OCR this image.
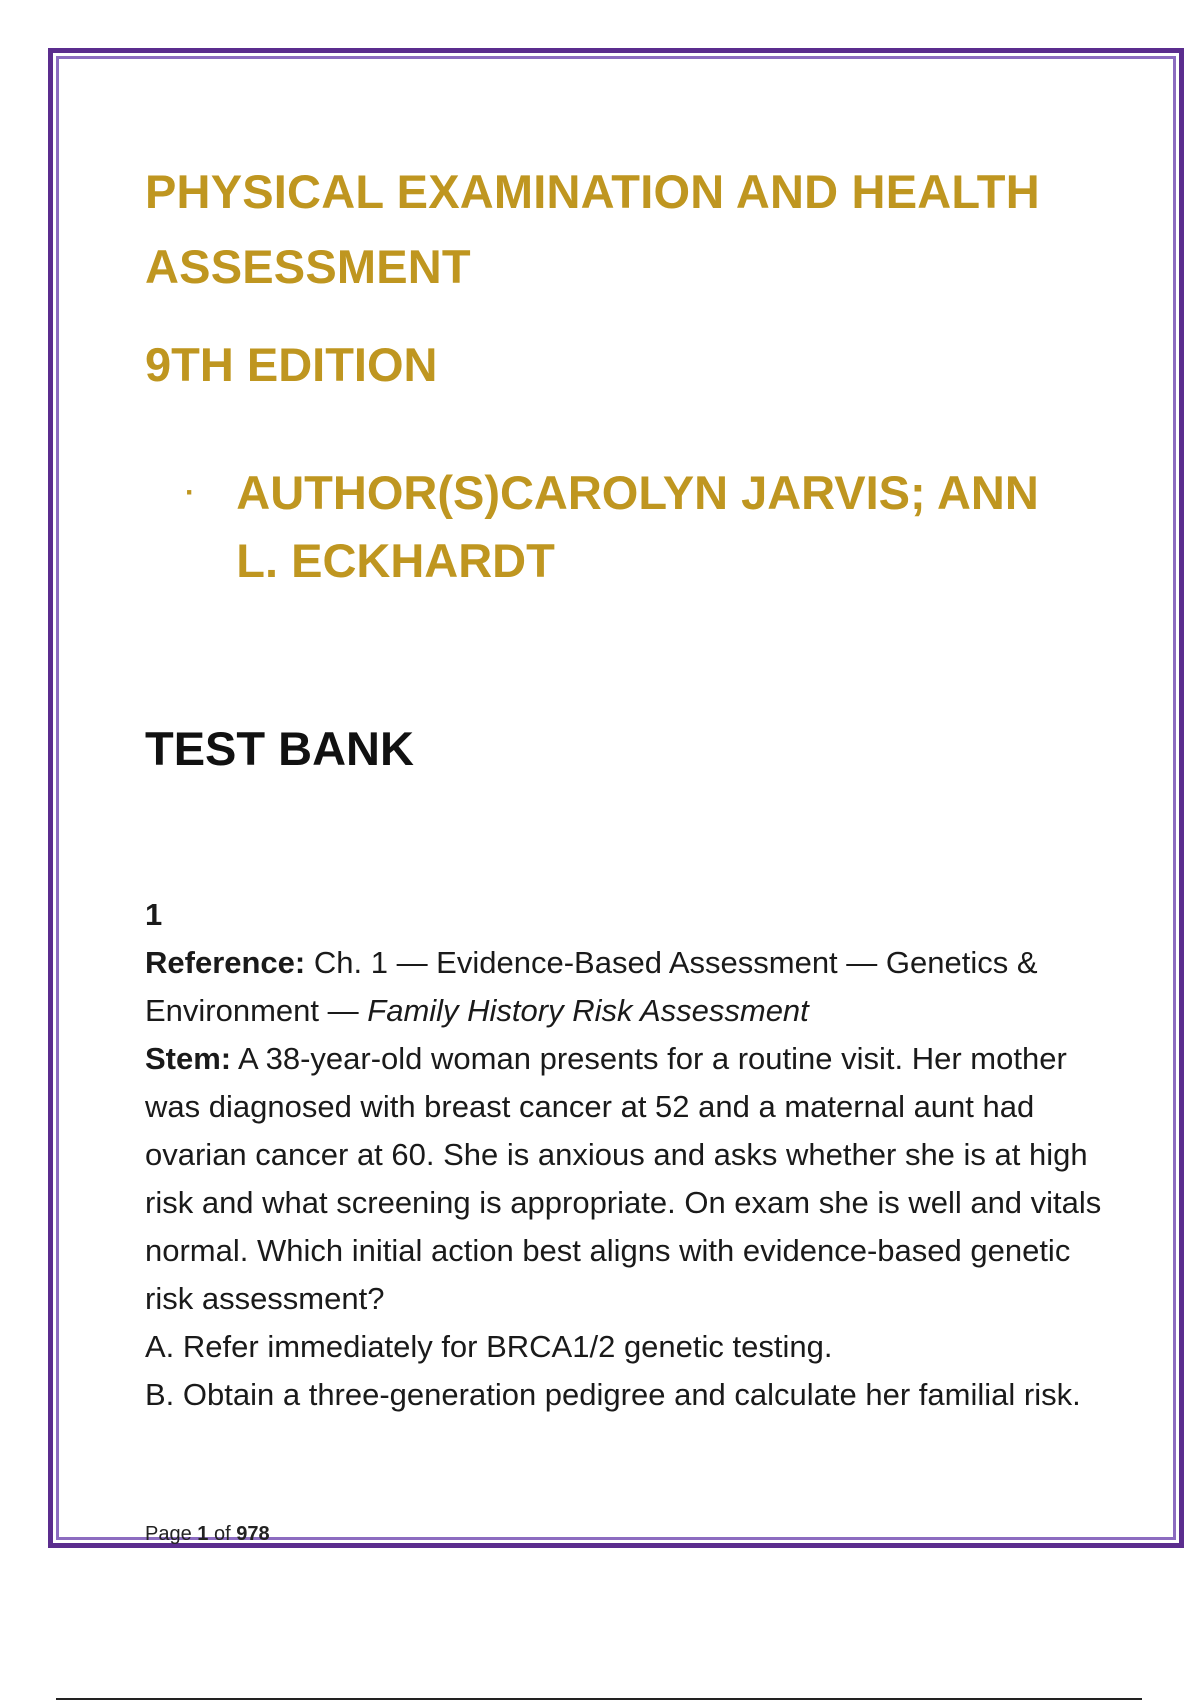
PHYSICAL EXAMINATION AND HEALTH ASSESSMENT
9TH EDITION
· AUTHOR(S)CAROLYN JARVIS; ANN L. ECKHARDT
TEST BANK
1
Reference: Ch. 1 — Evidence-Based Assessment — Genetics & Environment — Family History Risk Assessment
Stem: A 38-year-old woman presents for a routine visit. Her mother was diagnosed with breast cancer at 52 and a maternal aunt had ovarian cancer at 60. She is anxious and asks whether she is at high risk and what screening is appropriate. On exam she is well and vitals normal. Which initial action best aligns with evidence-based genetic risk assessment?
A. Refer immediately for BRCA1/2 genetic testing.
B. Obtain a three-generation pedigree and calculate her familial risk.
Page 1 of 978
